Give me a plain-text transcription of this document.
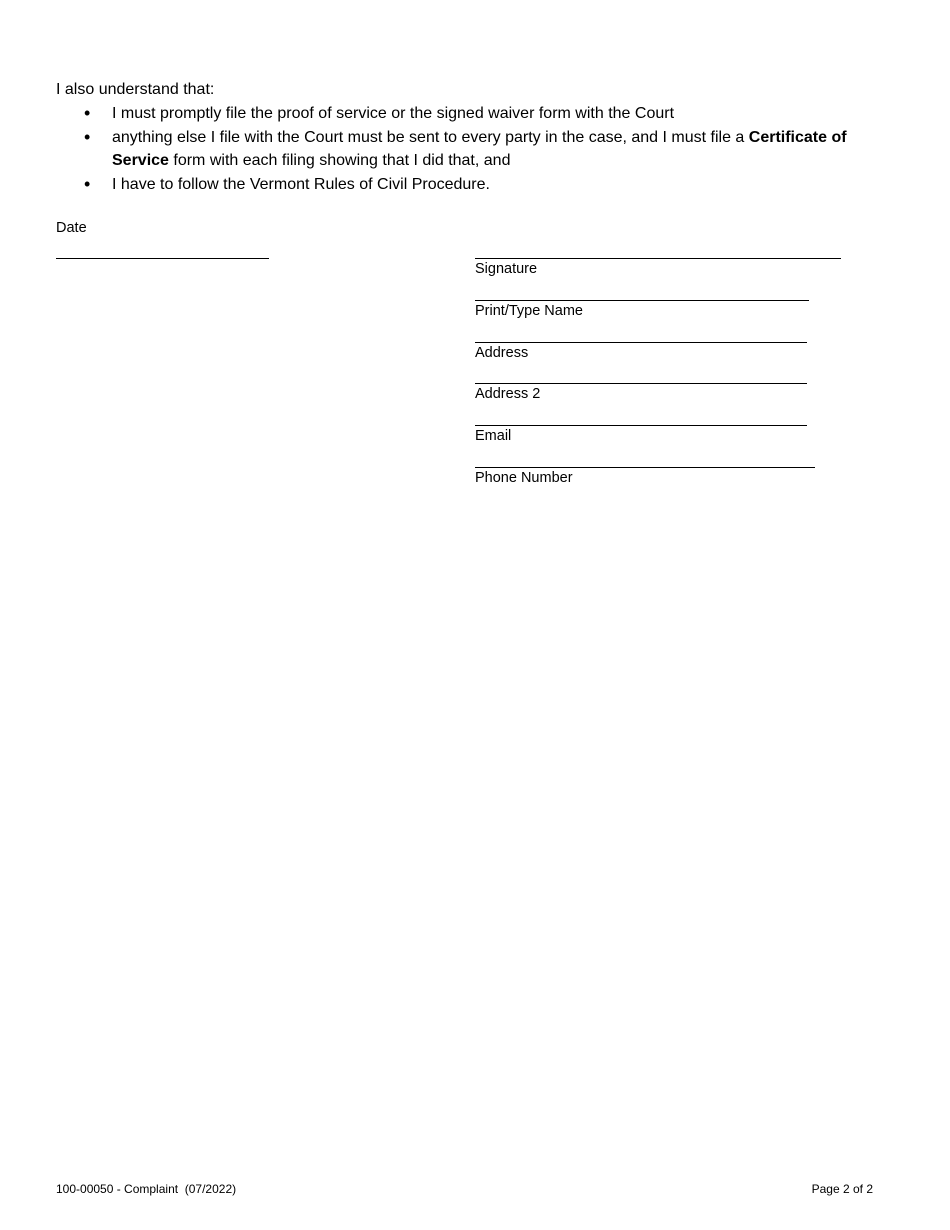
I also understand that:
• I must promptly file the proof of service or the signed waiver form with the Court
• anything else I file with the Court must be sent to every party in the case, and I must file a Certificate of Service form with each filing showing that I did that, and
• I have to follow the Vermont Rules of Civil Procedure.
Date
Signature
Print/Type Name
Address
Address 2
Email
Phone Number
100-00050 - Complaint  (07/2022)	Page 2 of 2
